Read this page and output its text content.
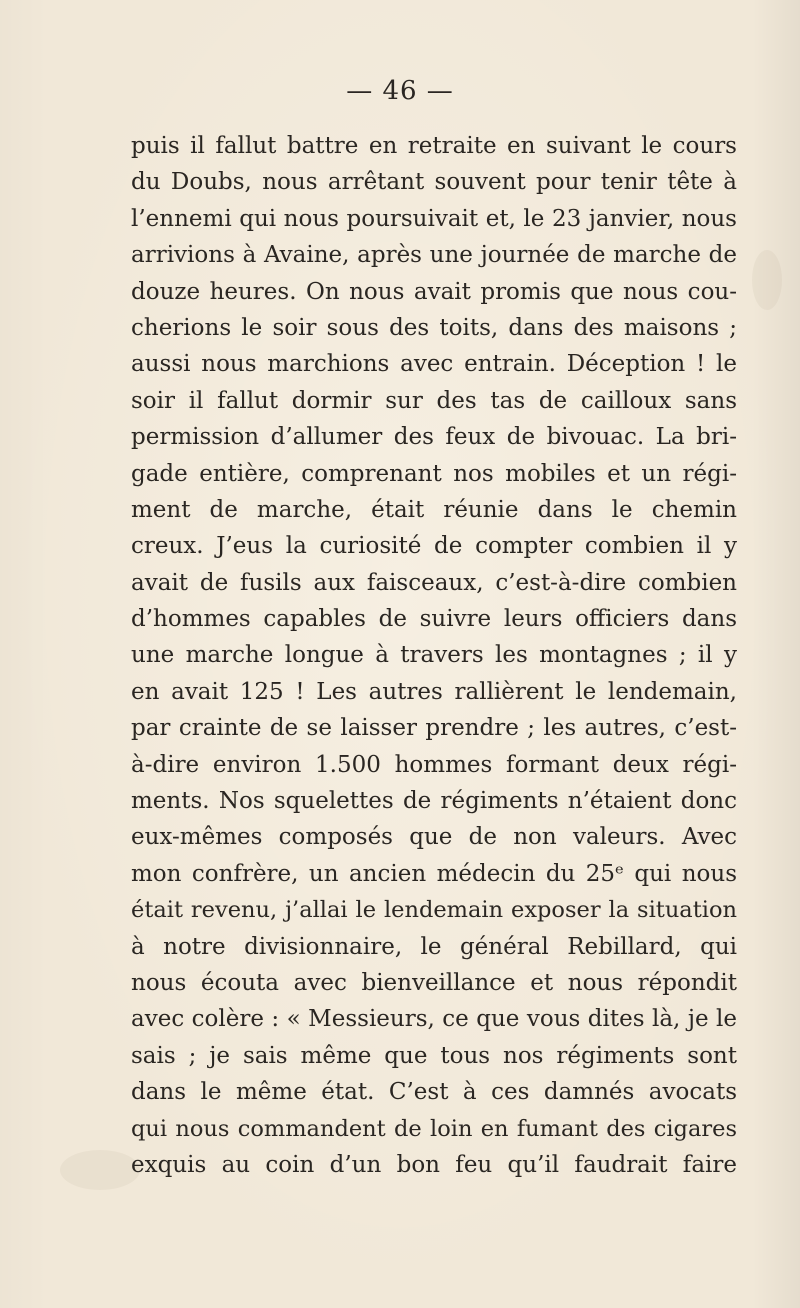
— 46 —
puis il fallut battre en retraite en suivant le cours
du Doubs, nous arrêtant souvent pour tenir tête à
l’ennemi qui nous poursuivait et, le 23 janvier, nous
arrivions à Avaine, après une journée de marche de
douze heures. On nous avait promis que nous cou-
cherions le soir sous des toits, dans des maisons ;
aussi nous marchions avec entrain. Déception ! le
soir il fallut dormir sur des tas de cailloux sans
permission d’allumer des feux de bivouac. La bri-
gade entière, comprenant nos mobiles et un régi-
ment de marche, était réunie dans le chemin
creux. J’eus la curiosité de compter combien il y
avait de fusils aux faisceaux, c’est-à-dire combien
d’hommes capables de suivre leurs officiers dans
une marche longue à travers les montagnes ; il y
en avait 125 ! Les autres rallièrent le lendemain,
par crainte de se laisser prendre ; les autres, c’est-
à-dire environ 1.500 hommes formant deux régi-
ments. Nos squelettes de régiments n’étaient donc
eux-mêmes composés que de non valeurs. Avec
mon confrère, un ancien médecin du 25ᵉ qui nous
était revenu, j’allai le lendemain exposer la situation
à notre divisionnaire, le général Rebillard, qui
nous écouta avec bienveillance et nous répondit
avec colère : « Messieurs, ce que vous dites là, je le
sais ; je sais même que tous nos régiments sont
dans le même état. C’est à ces damnés avocats
qui nous commandent de loin en fumant des cigares
exquis au coin d’un bon feu qu’il faudrait faire
